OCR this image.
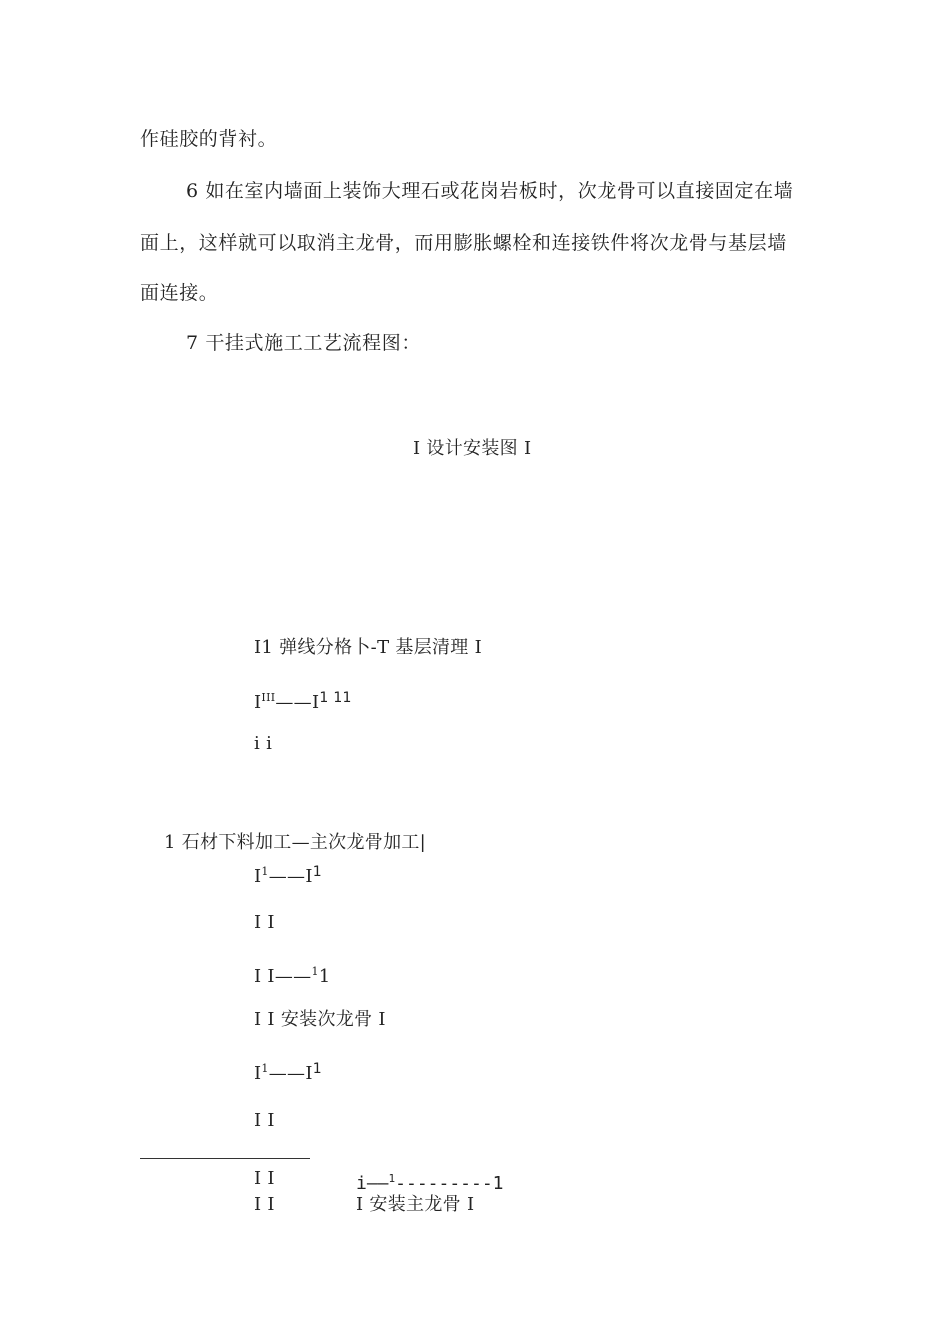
作硅胶的背衬。
6 如在室内墙面上装饰大理石或花岗岩板时，次龙骨可以直接固定在墙
面上，这样就可以取消主龙骨，而用膨胀螺栓和连接铁件将次龙骨与基层墙
面连接。
7 干挂式施工工艺流程图：
I 设计安装图 I
I1 弹线分格卜-T 基层清理 I
$I^{III}——I^{1 11}$
i i
1 石材下料加工—主次龙骨加工|
$I^1——I^1$
I I
I I——$^1$1
I I 安装次龙骨 I
$I^1——I^1$
I I
I I	i——$^1$---------1
I I	I 安装主龙骨 I
